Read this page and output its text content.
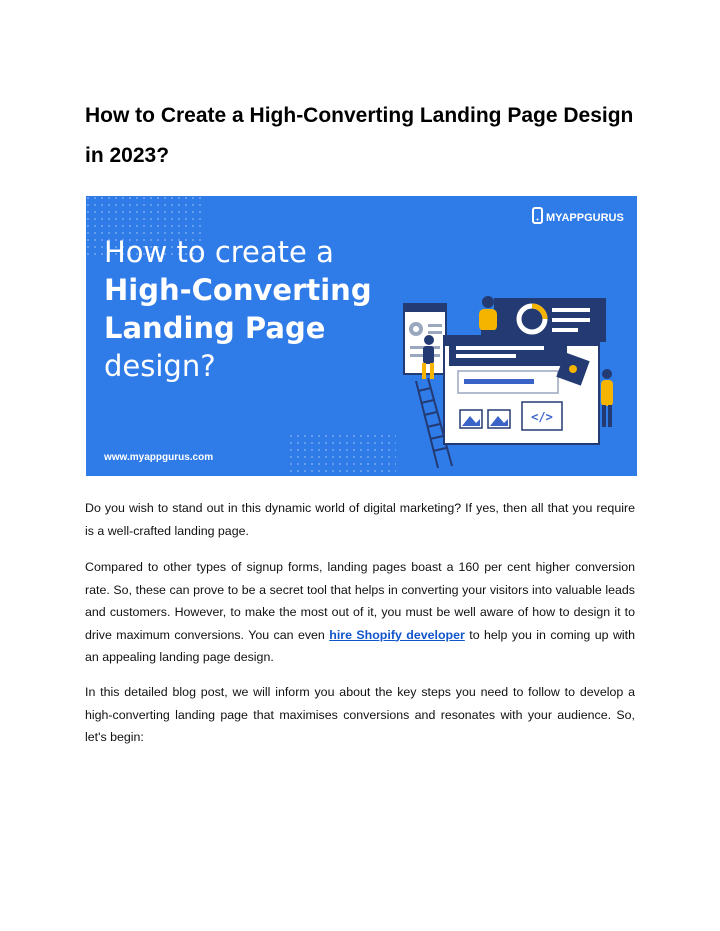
How to Create a High-Converting Landing Page Design in 2023?
MYAPPGURUS
How to create a
High-Converting
Landing Page
design?
www.myappgurus.com
</>

Do you wish to stand out in this dynamic world of digital marketing? If yes, then all that you require is a well-crafted landing page.

Compared to other types of signup forms, landing pages boast a 160 per cent higher conversion rate. So, these can prove to be a secret tool that helps in converting your visitors into valuable leads and customers. However, to make the most out of it, you must be well aware of how to design it to drive maximum conversions. You can even hire Shopify developer to help you in coming up with an appealing landing page design.

In this detailed blog post, we will inform you about the key steps you need to follow to develop a high-converting landing page that maximises conversions and resonates with your audience. So, let's begin:
